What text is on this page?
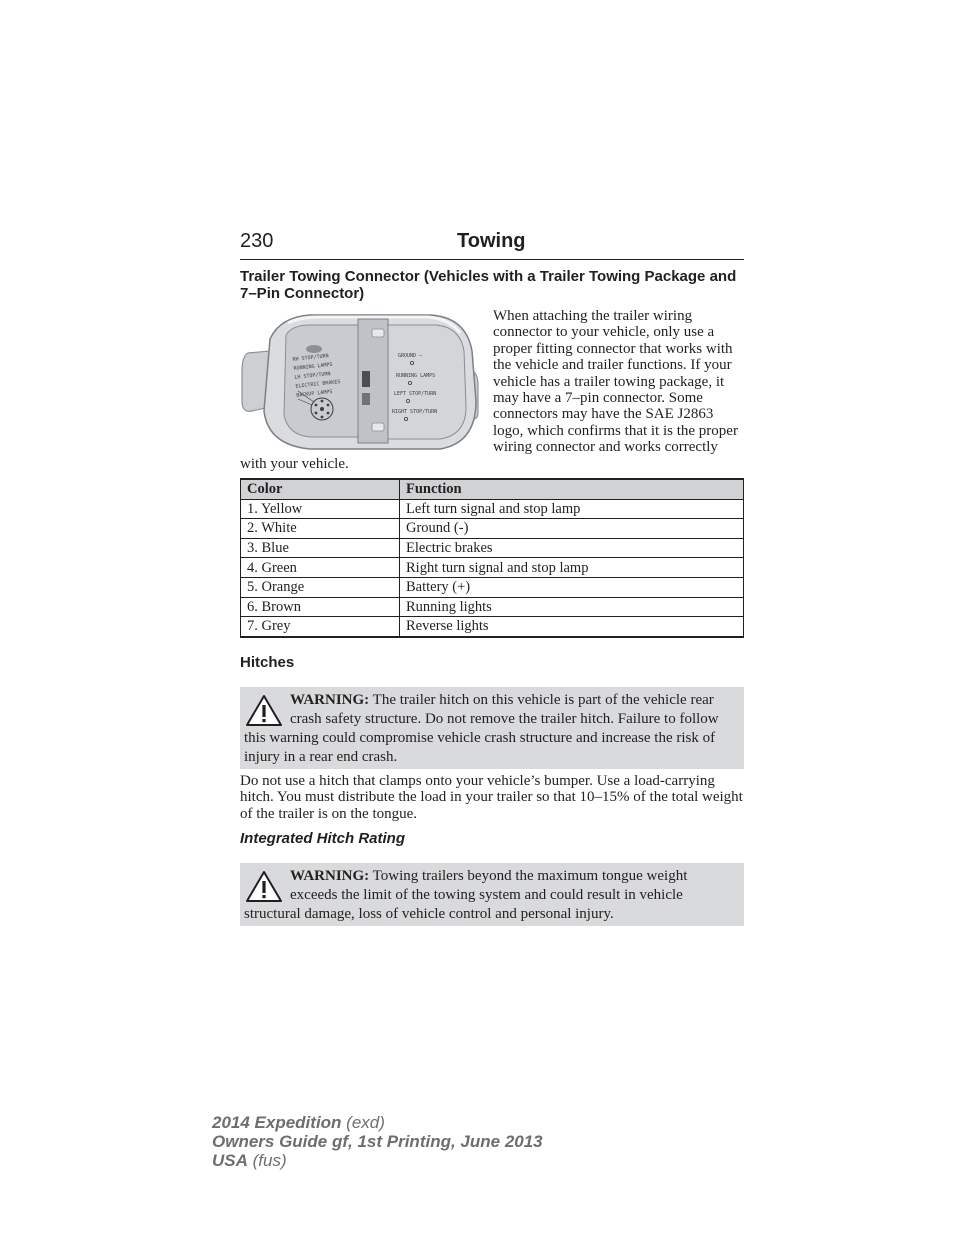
230	Towing
Trailer Towing Connector (Vehicles with a Trailer Towing Package and 7–Pin Connector)
When attaching the trailer wiring connector to your vehicle, only use a proper fitting connector that works with the vehicle and trailer functions. If your vehicle has a trailer towing package, it may have a 7–pin connector. Some connectors may have the SAE J2863 logo, which confirms that it is the proper wiring connector and works correctly with your vehicle.
RH STOP/TURN
RUNNING LAMPS
LH STOP/TURN
ELECTRIC BRAKES
BACKUP LAMPS
GROUND —
RUNNING LAMPS
LEFT STOP/TURN
RIGHT STOP/TURN
Color	Function
1. Yellow	Left turn signal and stop lamp
2. White	Ground (-)
3. Blue	Electric brakes
4. Green	Right turn signal and stop lamp
5. Orange	Battery (+)
6. Brown	Running lights
7. Grey	Reverse lights
Hitches
WARNING: The trailer hitch on this vehicle is part of the vehicle rear crash safety structure. Do not remove the trailer hitch. Failure to follow this warning could compromise vehicle crash structure and increase the risk of injury in a rear end crash.
Do not use a hitch that clamps onto your vehicle’s bumper. Use a load-carrying hitch. You must distribute the load in your trailer so that 10–15% of the total weight of the trailer is on the tongue.
Integrated Hitch Rating
WARNING: Towing trailers beyond the maximum tongue weight exceeds the limit of the towing system and could result in vehicle structural damage, loss of vehicle control and personal injury.
2014 Expedition (exd)
Owners Guide gf, 1st Printing, June 2013
USA (fus)
